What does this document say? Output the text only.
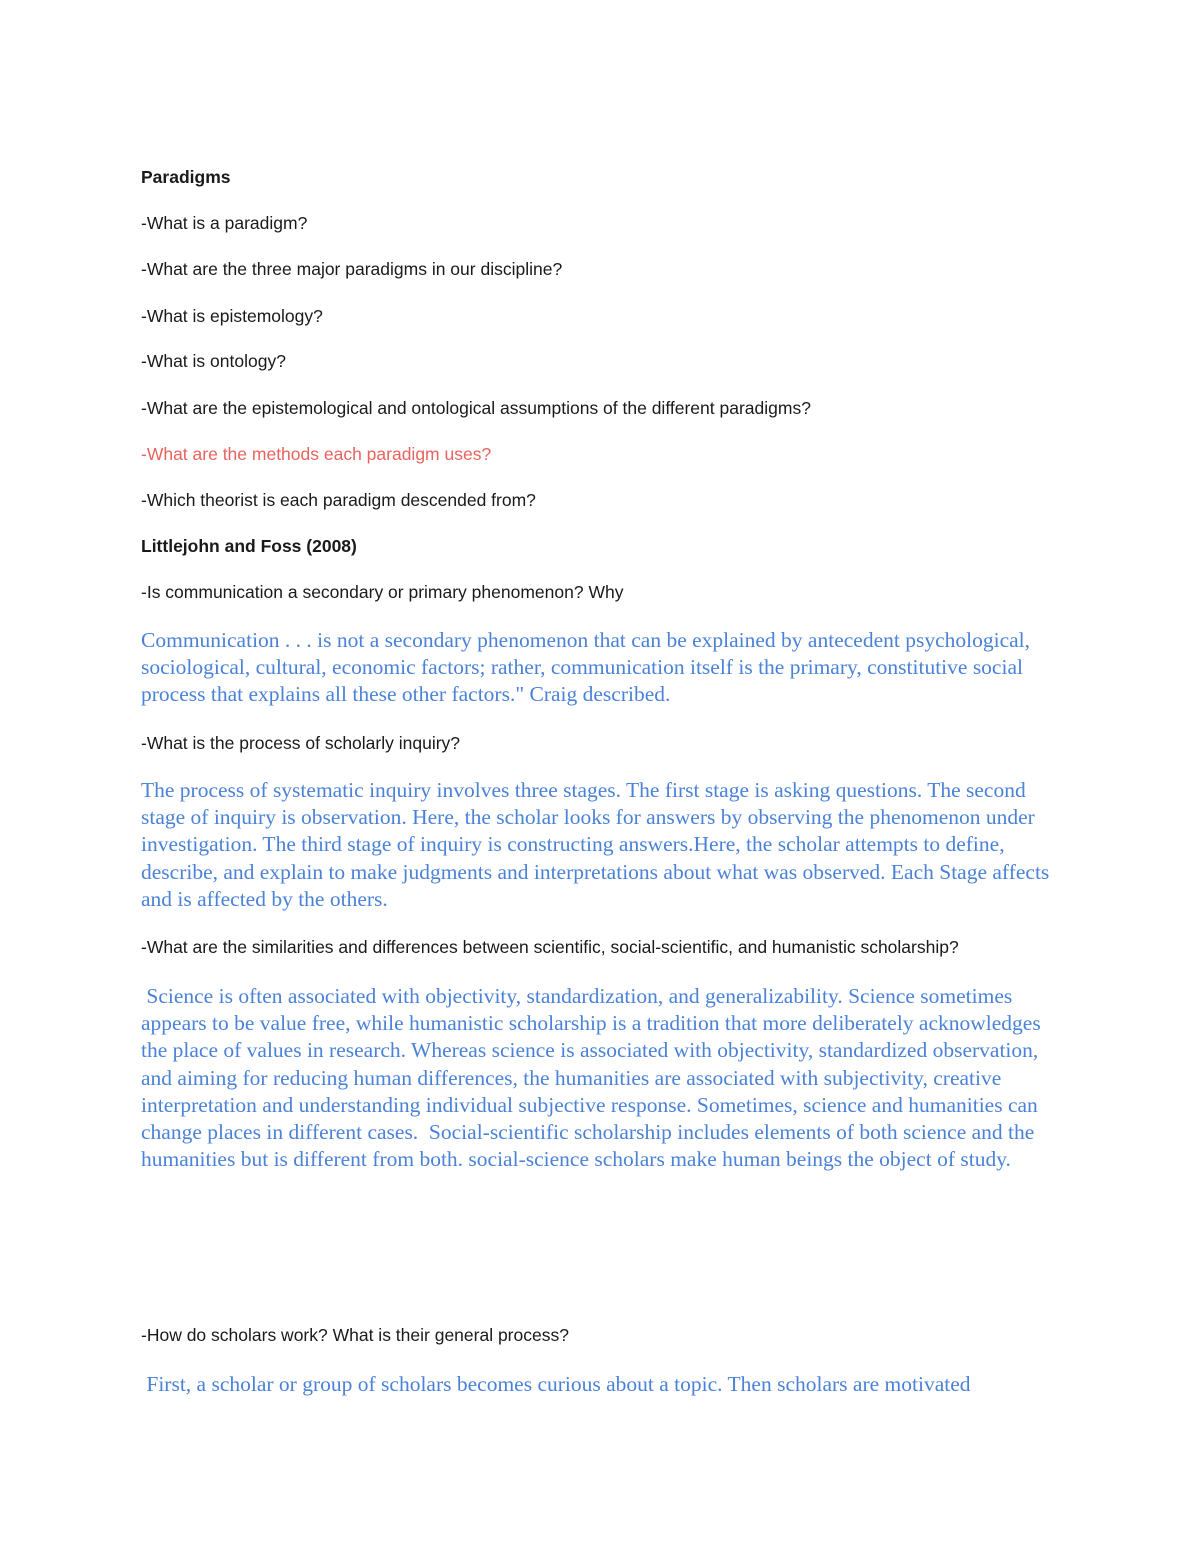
Paradigms
-What is a paradigm?
-What are the three major paradigms in our discipline?
-What is epistemology?
-What is ontology?
-What are the epistemological and ontological assumptions of the different paradigms?
-What are the methods each paradigm uses?
-Which theorist is each paradigm descended from?
Littlejohn and Foss (2008)
-Is communication a secondary or primary phenomenon? Why

Communication . . . is not a secondary phenomenon that can be explained by antecedent psychological, sociological, cultural, economic factors; rather, communication itself is the primary, constitutive social process that explains all these other factors." Craig described.

-What is the process of scholarly inquiry?

The process of systematic inquiry involves three stages. The first stage is asking questions. The second stage of inquiry is observation. Here, the scholar looks for answers by observing the phenomenon under investigation. The third stage of inquiry is constructing answers.Here, the scholar attempts to define, describe, and explain to make judgments and interpretations about what was observed. Each Stage affects and is affected by the others.

-What are the similarities and differences between scientific, social-scientific, and humanistic scholarship?

Science is often associated with objectivity, standardization, and generalizability. Science sometimes appears to be value free, while humanistic scholarship is a tradition that more deliberately acknowledges the place of values in research. Whereas science is associated with objectivity, standardized observation, and aiming for reducing human differences, the humanities are associated with subjectivity, creative interpretation and understanding individual subjective response. Sometimes, science and humanities can change places in different cases.  Social-scientific scholarship includes elements of both science and the humanities but is different from both. social-science scholars make human beings the object of study.

-How do scholars work? What is their general process?

First, a scholar or group of scholars becomes curious about a topic. Then scholars are motivated
